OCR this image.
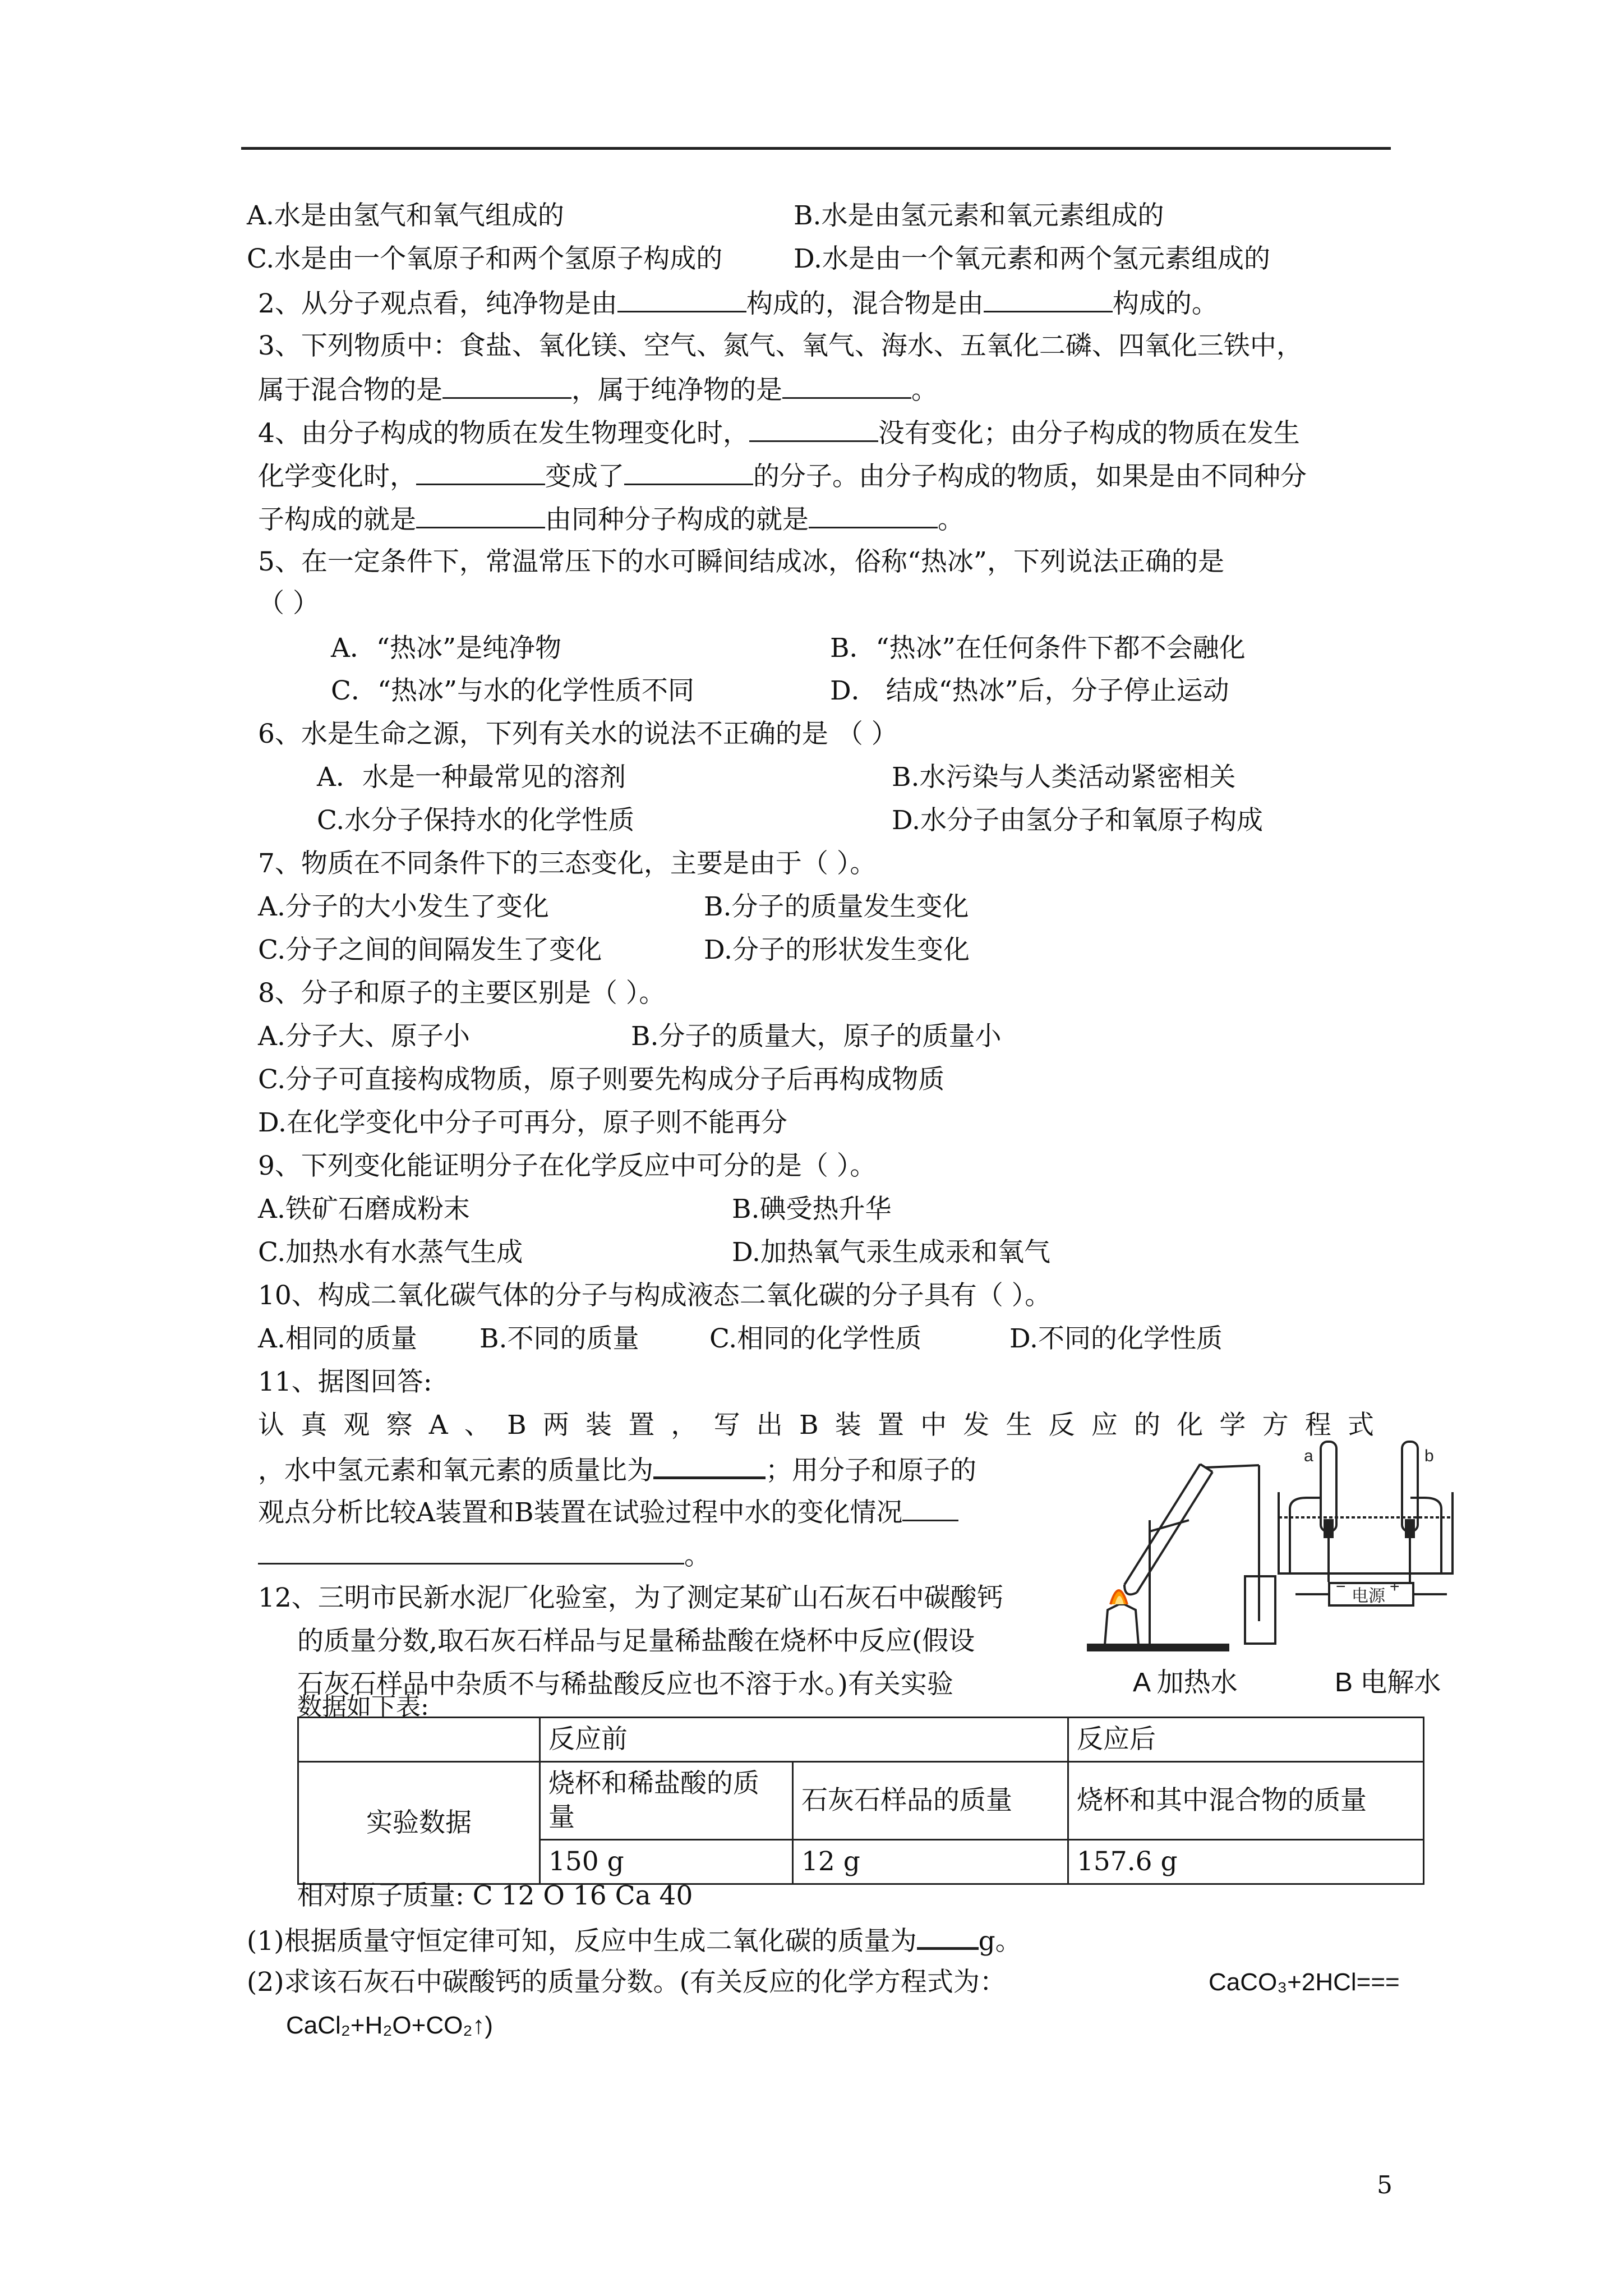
A.水是由氢气和氧气组成的	B.水是由氢元素和氧元素组成的
C.水是由一个氧原子和两个氢原子构成的	D.水是由一个氧元素和两个氢元素组成的
2、从分子观点看，纯净物是由	构成的，混合物是由	构成的。
3、下列物质中：食盐、氧化镁、空气、氮气、氧气、海水、五氧化二磷、四氧化三铁中，
属于混合物的是	，属于纯净物的是	。
4、由分子构成的物质在发生物理变化时，	没有变化；由分子构成的物质在发生
化学变化时，	变成了	的分子。由分子构成的物质，如果是由不同种分
子构成的就是	由同种分子构成的就是	。
5、在一定条件下，常温常压下的水可瞬间结成冰，俗称“热冰”，下列说法正确的是
（ ）
A．“热冰”是纯净物	B．“热冰”在任何条件下都不会融化
C．“热冰”与水的化学性质不同	D． 结成“热冰”后，分子停止运动
6、水是生命之源，下列有关水的说法不正确的是 （ ）
A．水是一种最常见的溶剂	B.水污染与人类活动紧密相关
C.水分子保持水的化学性质	D.水分子由氢分子和氧原子构成
7、物质在不同条件下的三态变化，主要是由于（ ）。
A.分子的大小发生了变化	B.分子的质量发生变化
C.分子之间的间隔发生了变化	D.分子的形状发生变化
8、分子和原子的主要区别是（ ）。
A.分子大、原子小	B.分子的质量大，原子的质量小
C.分子可直接构成物质，原子则要先构成分子后再构成物质
D.在化学变化中分子可再分，原子则不能再分
9、下列变化能证明分子在化学反应中可分的是（ ）。
A.铁矿石磨成粉末	B.碘受热升华
C.加热水有水蒸气生成	D.加热氧气汞生成汞和氧气
10、构成二氧化碳气体的分子与构成液态二氧化碳的分子具有（ ）。
A.相同的质量 B.不同的质量	C.相同的化学性质	D.不同的化学性质
11、据图回答:
认真观察A、B两装置，写出B装置中发生反应的化学方程式
，水中氢元素和氧元素的质量比为	；用分子和原子的
观点分析比较A装置和B装置在试验过程中水的变化情况
。
a	b
电源
+
−
A 加热水	B 电解水
12、三明市民新水泥厂化验室，为了测定某矿山石灰石中碳酸钙
的质量分数,取石灰石样品与足量稀盐酸在烧杯中反应(假设
石灰石样品中杂质不与稀盐酸反应也不溶于水。)有关实验
数据如下表:
	反应前		反应后
实验数据	烧杯和稀盐酸的质量	石灰石样品的质量	烧杯和其中混合物的质量
	150 g	12 g	157.6 g
相对原子质量: C 12 O 16 Ca 40
(1)根据质量守恒定律可知，反应中生成二氧化碳的质量为 g。
(2)求该石灰石中碳酸钙的质量分数。(有关反应的化学方程式为：	CaCO₃+2HCl===
CaCl₂+H₂O+CO₂↑)
5
